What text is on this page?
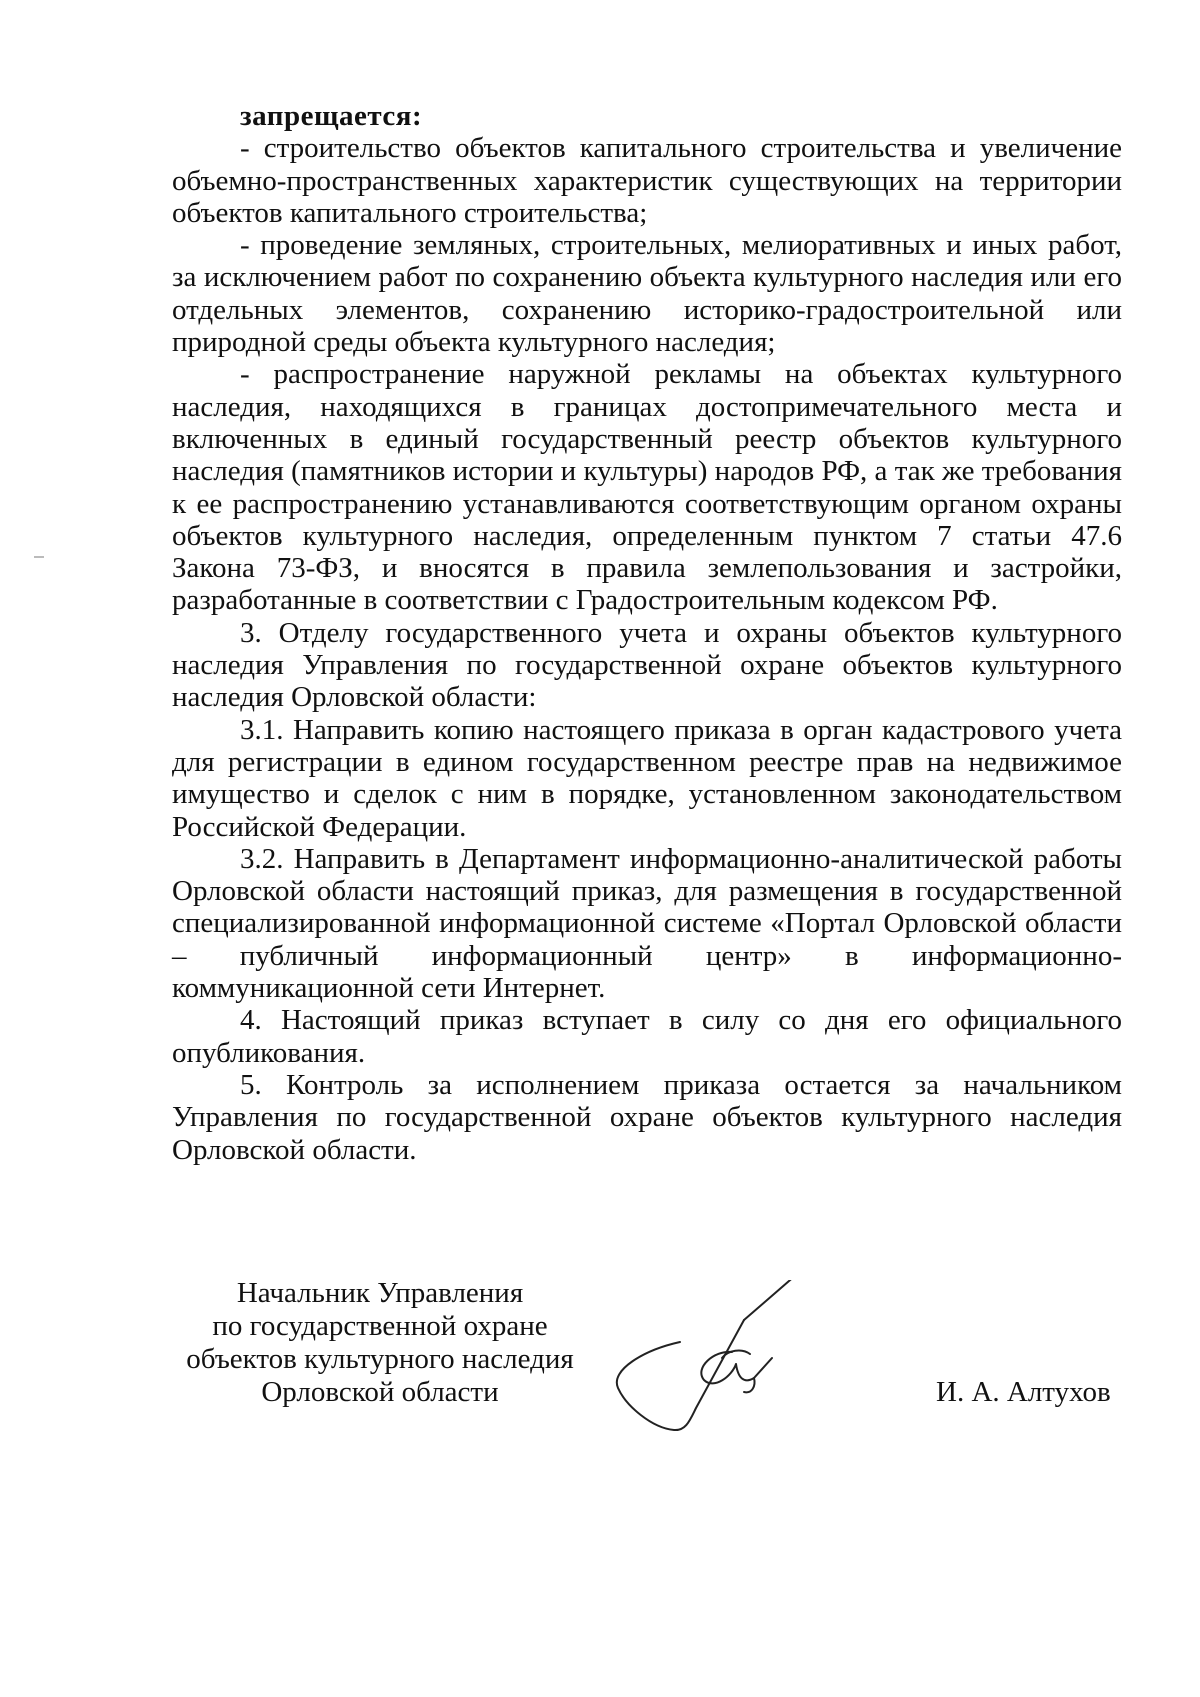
запрещается:

- строительство объектов капитального строительства и увеличение объемно-пространственных характеристик существующих на территории объектов капитального строительства;

- проведение земляных, строительных, мелиоративных и иных работ, за исключением работ по сохранению объекта культурного наследия или его отдельных элементов, сохранению историко-градостроительной или природной среды объекта культурного наследия;

- распространение наружной рекламы на объектах культурного наследия, находящихся в границах достопримечательного места и включенных в единый государственный реестр объектов культурного наследия (памятников истории и культуры) народов РФ, а так же требования к ее распространению устанавливаются соответствующим органом охраны объектов культурного наследия, определенным пунктом 7 статьи 47.6 Закона 73-ФЗ, и вносятся в правила землепользования и застройки, разработанные в соответствии с Градостроительным кодексом РФ.

3. Отделу государственного учета и охраны объектов культурного наследия Управления по государственной охране объектов культурного наследия Орловской области:

3.1. Направить копию настоящего приказа в орган кадастрового учета для регистрации в едином государственном реестре прав на недвижимое имущество и сделок с ним в порядке, установленном законодательством Российской Федерации.

3.2. Направить в Департамент информационно-аналитической работы Орловской области настоящий приказ, для размещения в государственной специализированной информационной системе «Портал Орловской области – публичный информационный центр» в информационно-коммуникационной сети Интернет.

4. Настоящий приказ вступает в силу со дня его официального опубликования.

5. Контроль за исполнением приказа остается за начальником Управления по государственной охране объектов культурного наследия Орловской области.

Начальник Управления
по государственной охране
объектов культурного наследия
Орловской области	И. А. Алтухов
